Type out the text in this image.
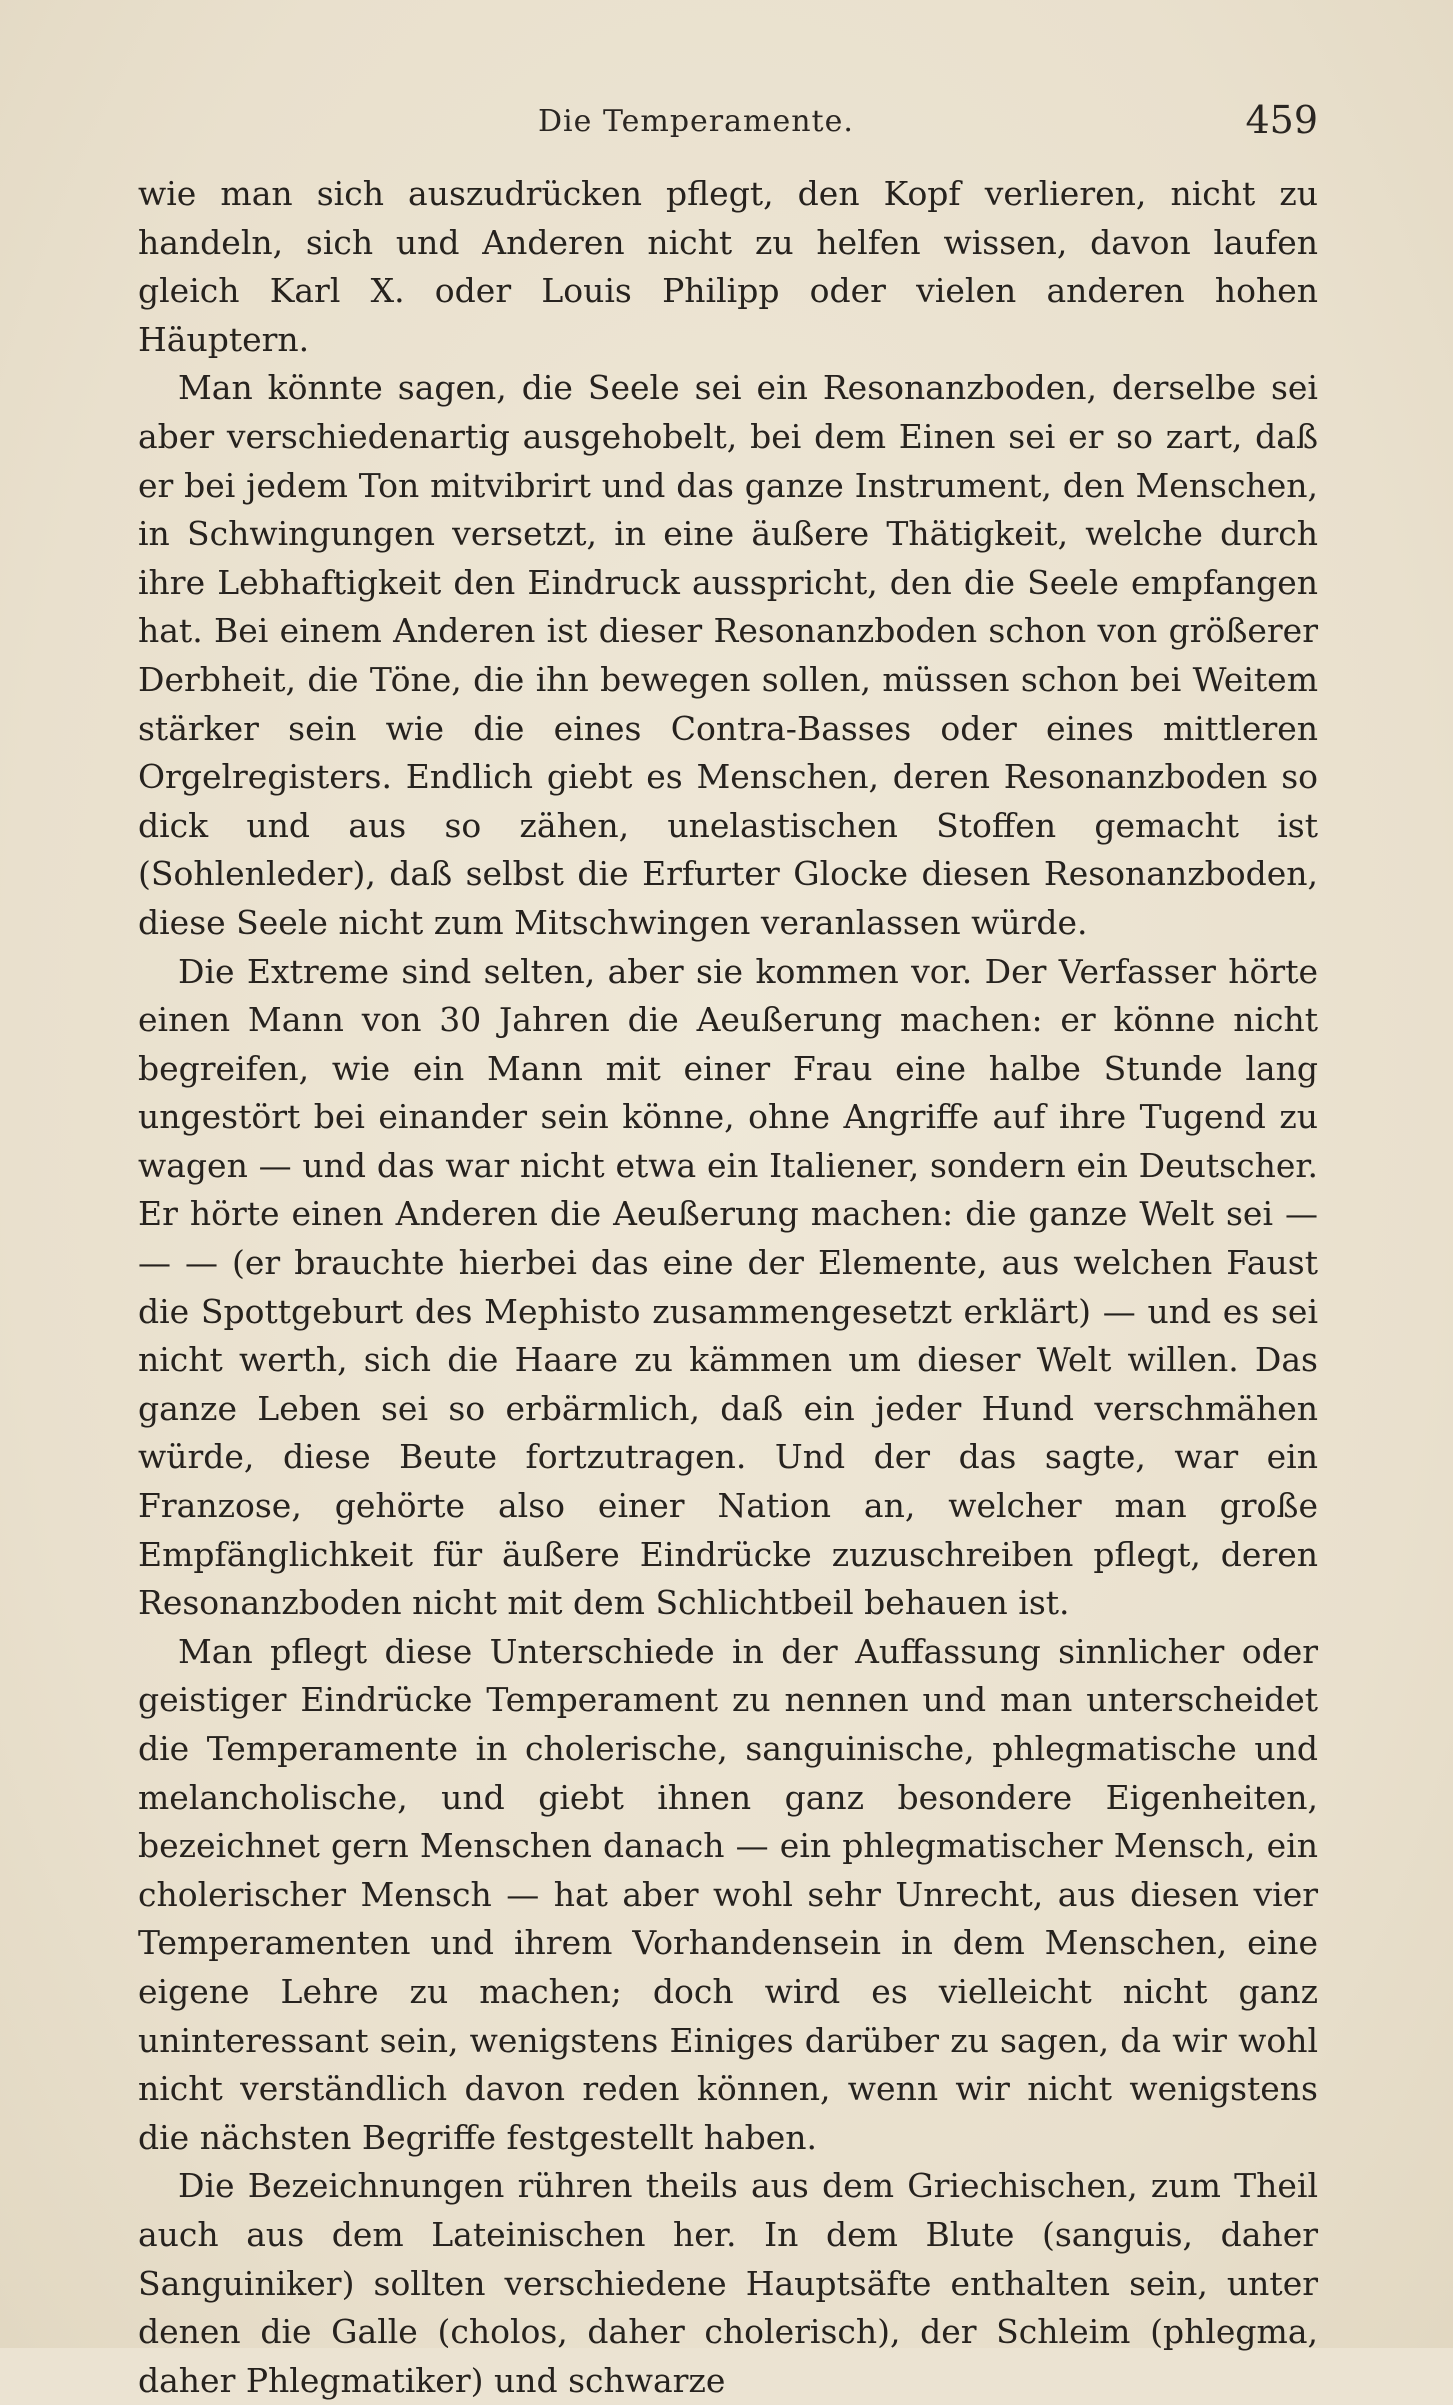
Die Temperamente.	459

wie man sich auszudrücken pflegt, den Kopf verlieren, nicht zu handeln, sich und Anderen nicht zu helfen wissen, davon laufen gleich Karl X. oder Louis Philipp oder vielen anderen hohen Häuptern.

Man könnte sagen, die Seele sei ein Resonanzboden, derselbe sei aber verschiedenartig ausgehobelt, bei dem Einen sei er so zart, daß er bei jedem Ton mitvibrirt und das ganze Instrument, den Menschen, in Schwingungen versetzt, in eine äußere Thätigkeit, welche durch ihre Lebhaftigkeit den Eindruck ausspricht, den die Seele empfangen hat. Bei einem Anderen ist dieser Resonanzboden schon von größerer Derbheit, die Töne, die ihn bewegen sollen, müssen schon bei Weitem stärker sein wie die eines Contra-Basses oder eines mittleren Orgelregisters. Endlich giebt es Menschen, deren Resonanzboden so dick und aus so zähen, unelastischen Stoffen gemacht ist (Sohlenleder), daß selbst die Erfurter Glocke diesen Resonanzboden, diese Seele nicht zum Mitschwingen veranlassen würde.

Die Extreme sind selten, aber sie kommen vor. Der Verfasser hörte einen Mann von 30 Jahren die Aeußerung machen: er könne nicht begreifen, wie ein Mann mit einer Frau eine halbe Stunde lang ungestört bei einander sein könne, ohne Angriffe auf ihre Tugend zu wagen — und das war nicht etwa ein Italiener, sondern ein Deutscher. Er hörte einen Anderen die Aeußerung machen: die ganze Welt sei — — — (er brauchte hierbei das eine der Elemente, aus welchen Faust die Spottgeburt des Mephisto zusammengesetzt erklärt) — und es sei nicht werth, sich die Haare zu kämmen um dieser Welt willen. Das ganze Leben sei so erbärmlich, daß ein jeder Hund verschmähen würde, diese Beute fortzutragen. Und der das sagte, war ein Franzose, gehörte also einer Nation an, welcher man große Empfänglichkeit für äußere Eindrücke zuzuschreiben pflegt, deren Resonanzboden nicht mit dem Schlichtbeil behauen ist.

Man pflegt diese Unterschiede in der Auffassung sinnlicher oder geistiger Eindrücke Temperament zu nennen und man unterscheidet die Temperamente in cholerische, sanguinische, phlegmatische und melancholische, und giebt ihnen ganz besondere Eigenheiten, bezeichnet gern Menschen danach — ein phlegmatischer Mensch, ein cholerischer Mensch — hat aber wohl sehr Unrecht, aus diesen vier Temperamenten und ihrem Vorhandensein in dem Menschen, eine eigene Lehre zu machen; doch wird es vielleicht nicht ganz uninteressant sein, wenigstens Einiges darüber zu sagen, da wir wohl nicht verständlich davon reden können, wenn wir nicht wenigstens die nächsten Begriffe festgestellt haben.

Die Bezeichnungen rühren theils aus dem Griechischen, zum Theil auch aus dem Lateinischen her. In dem Blute (sanguis, daher Sanguiniker) sollten verschiedene Hauptsäfte enthalten sein, unter denen die Galle (cholos, daher cholerisch), der Schleim (phlegma, daher Phlegmatiker) und schwarze
